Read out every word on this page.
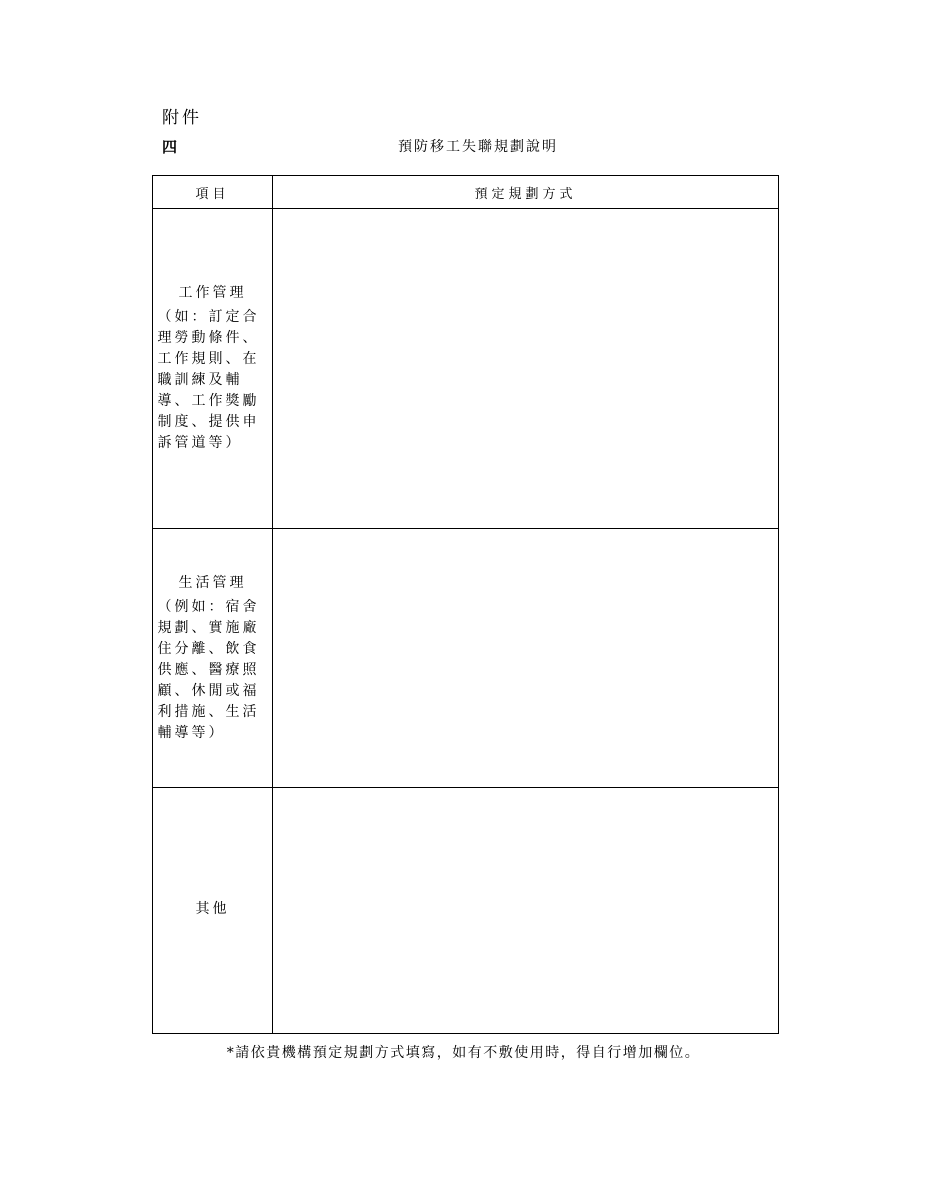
附件
四	預防移工失聯規劃說明
項目	預定規劃方式

工作管理
（如：訂定合理勞動條件、工作規則、在職訓練及輔導、工作獎勵制度、提供申訴管道等）	

生活管理
（例如：宿舍規劃、實施廠住分離、飲食供應、醫療照顧、休閒或福利措施、生活輔導等）	

其他	

*請依貴機構預定規劃方式填寫，如有不敷使用時，得自行增加欄位。
